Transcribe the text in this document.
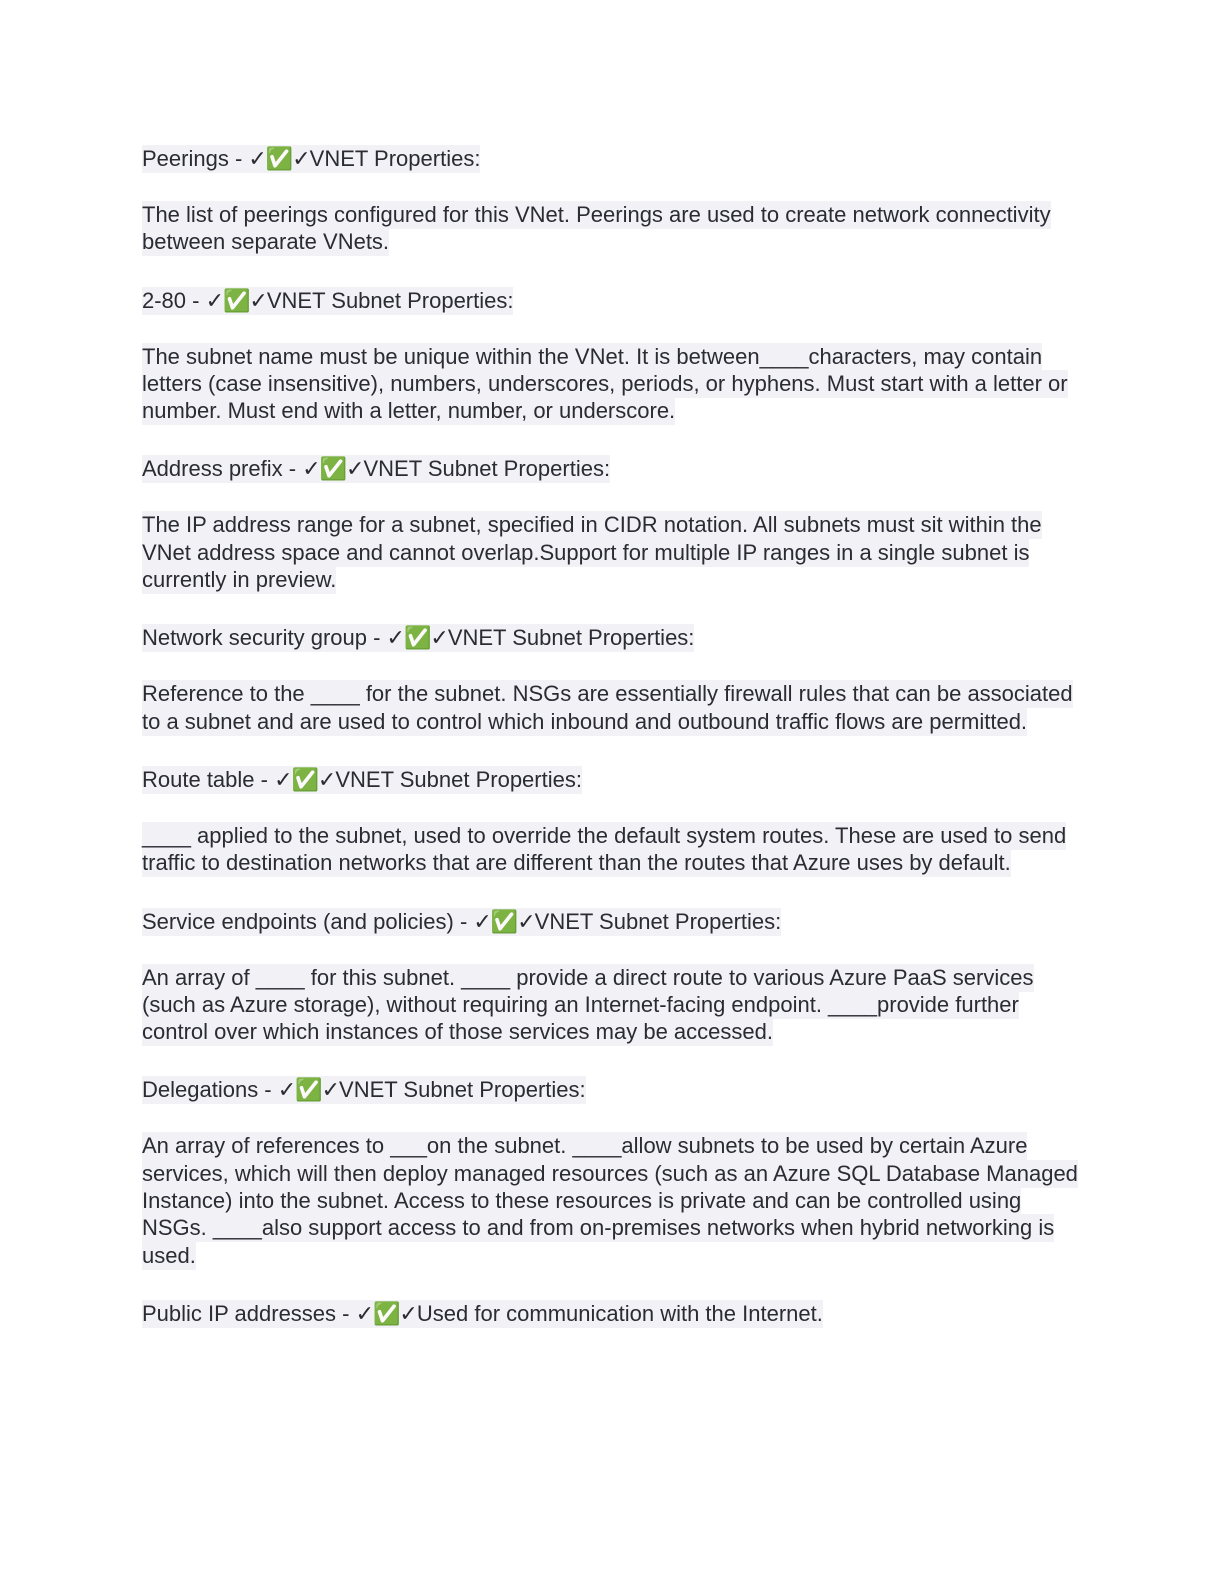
Peerings - ✓✅✓VNET Properties:
The list of peerings configured for this VNet. Peerings are used to create network connectivity between separate VNets.
2-80 - ✓✅✓VNET Subnet Properties:
The subnet name must be unique within the VNet. It is between____characters, may contain letters (case insensitive), numbers, underscores, periods, or hyphens. Must start with a letter or number. Must end with a letter, number, or underscore.
Address prefix - ✓✅✓VNET Subnet Properties:
The IP address range for a subnet, specified in CIDR notation. All subnets must sit within the VNet address space and cannot overlap.Support for multiple IP ranges in a single subnet is currently in preview.
Network security group - ✓✅✓VNET Subnet Properties:
Reference to the ____ for the subnet. NSGs are essentially firewall rules that can be associated to a subnet and are used to control which inbound and outbound traffic flows are permitted.
Route table - ✓✅✓VNET Subnet Properties:
____ applied to the subnet, used to override the default system routes. These are used to send traffic to destination networks that are different than the routes that Azure uses by default.
Service endpoints (and policies) - ✓✅✓VNET Subnet Properties:
An array of ____ for this subnet. ____ provide a direct route to various Azure PaaS services (such as Azure storage), without requiring an Internet-facing endpoint. ____provide further control over which instances of those services may be accessed.
Delegations - ✓✅✓VNET Subnet Properties:
An array of references to ___on the subnet. ____allow subnets to be used by certain Azure services, which will then deploy managed resources (such as an Azure SQL Database Managed Instance) into the subnet. Access to these resources is private and can be controlled using NSGs. ____also support access to and from on-premises networks when hybrid networking is used.
Public IP addresses - ✓✅✓Used for communication with the Internet.
